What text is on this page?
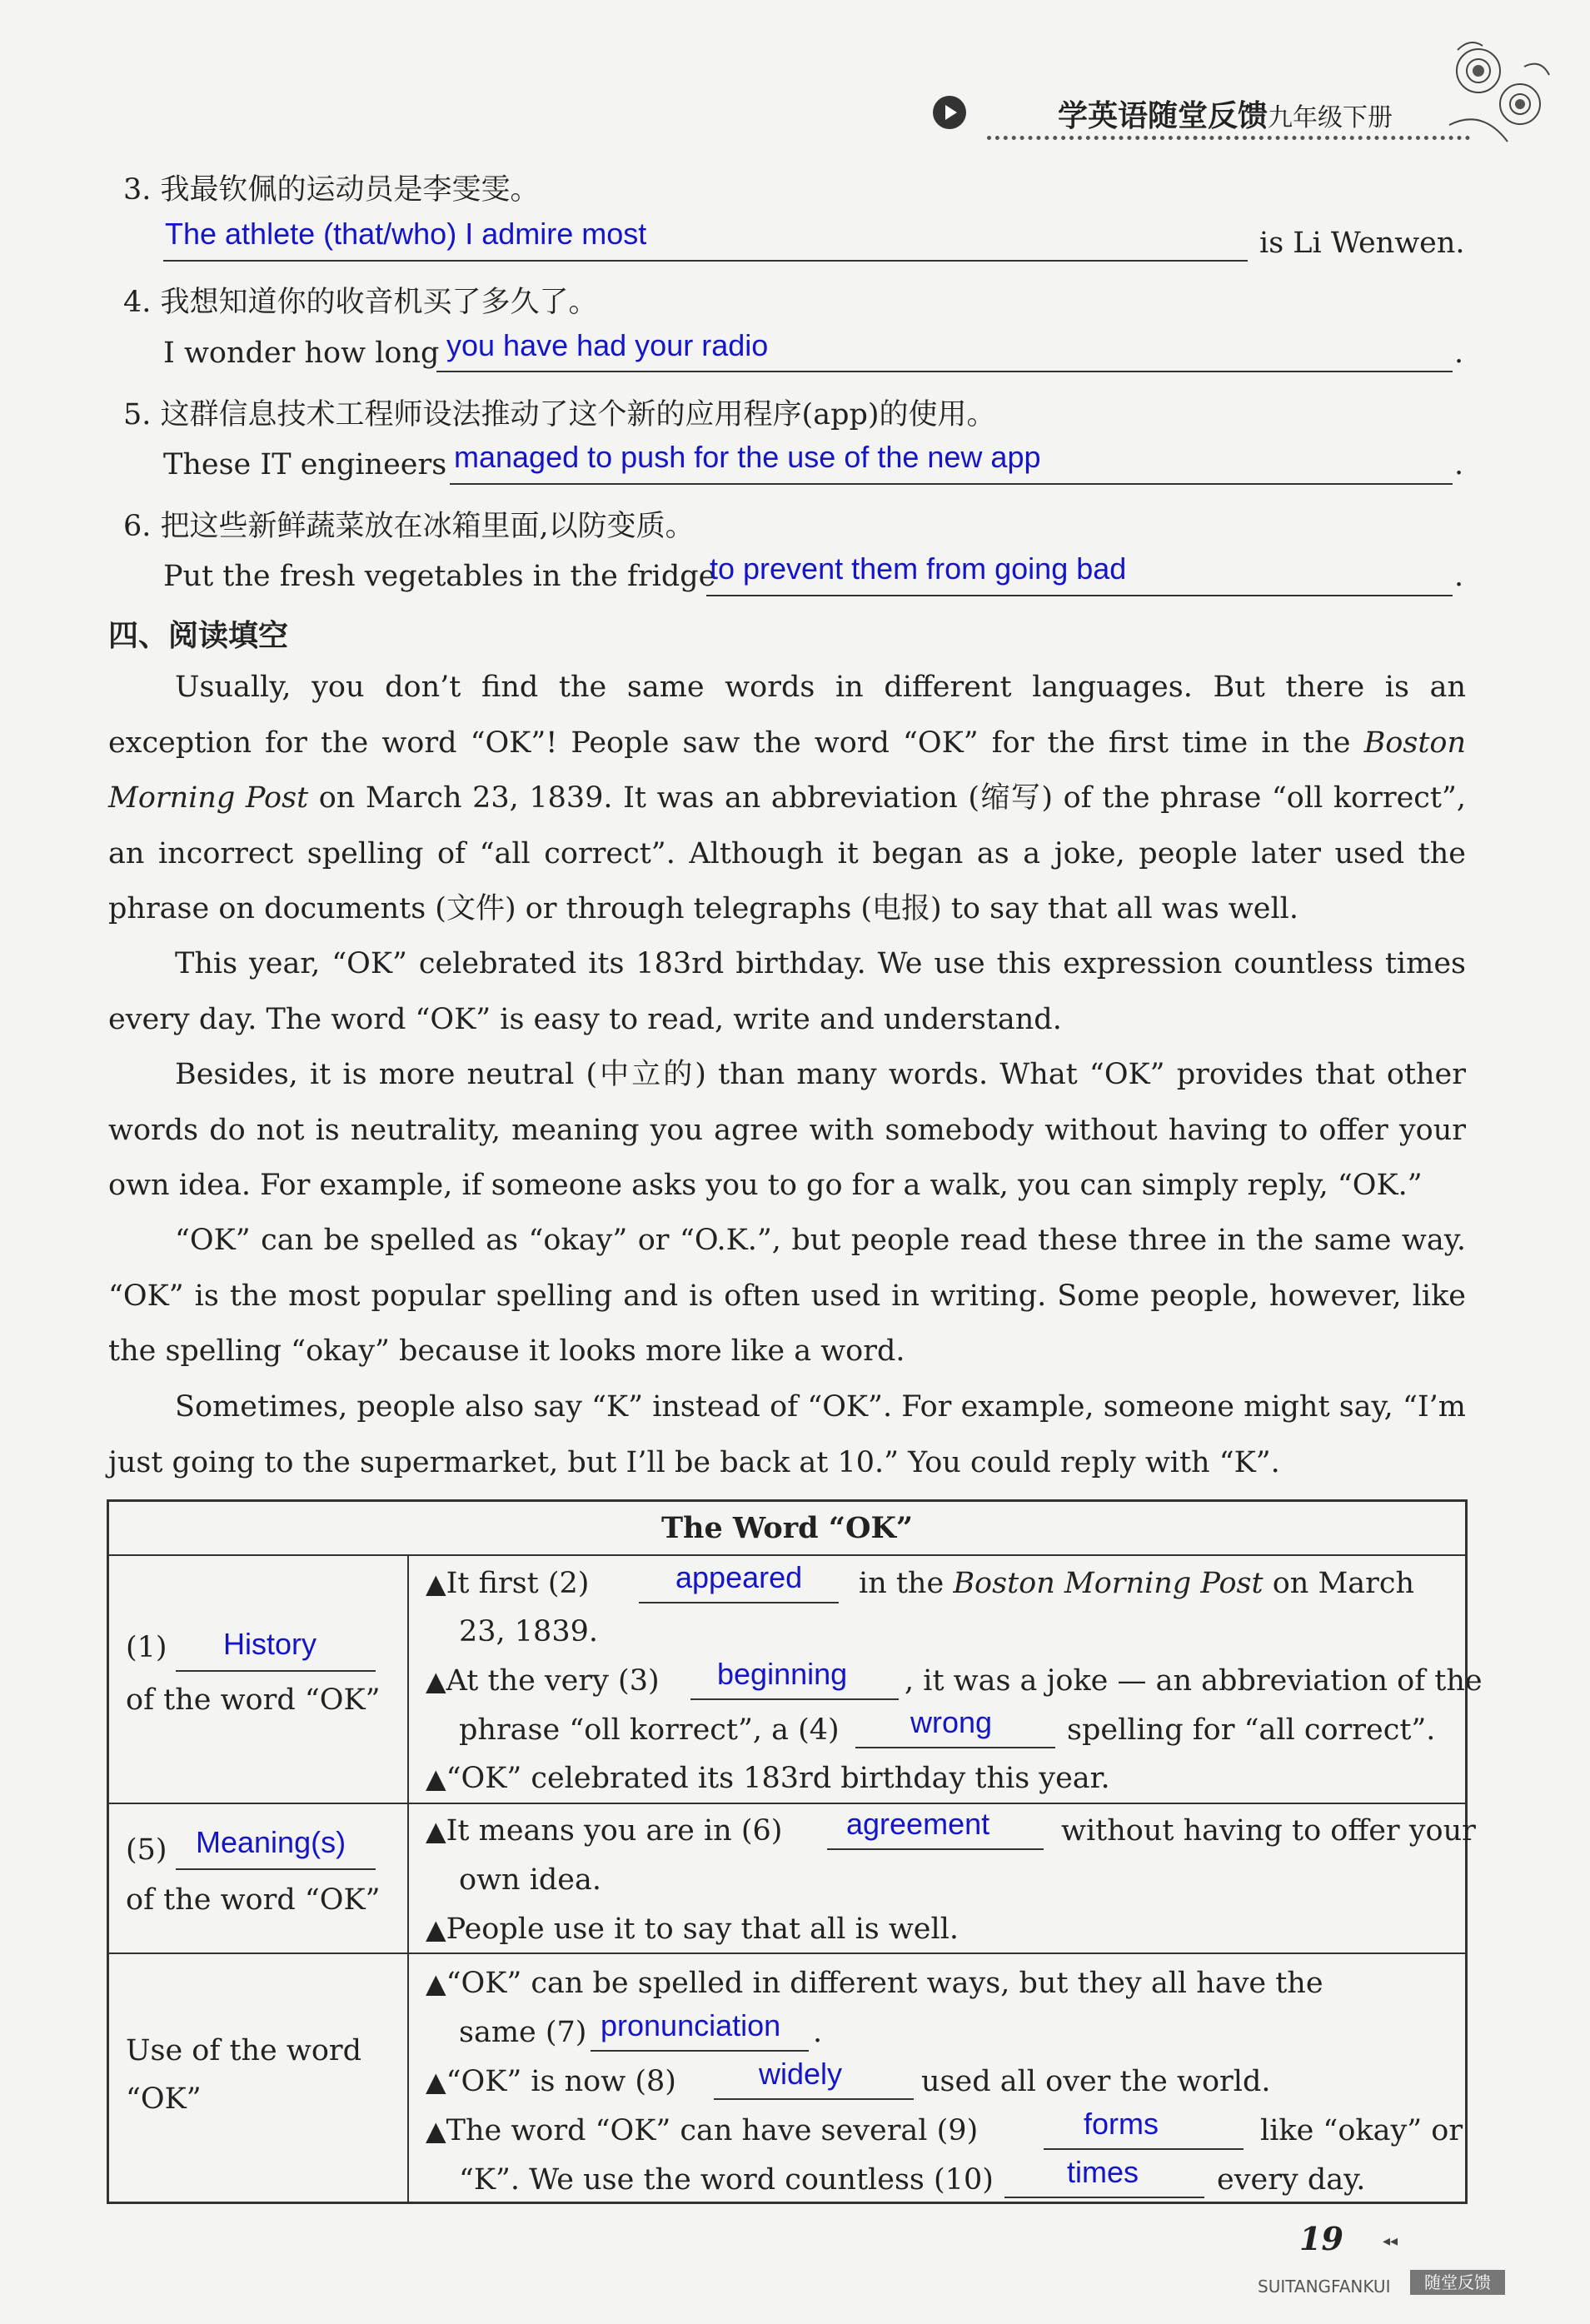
学英语随堂反馈九年级下册
3. 我最钦佩的运动员是李雯雯。
The athlete (that/who) I admire most	is Li Wenwen.
4. 我想知道你的收音机买了多久了。
I wonder how long you have had your radio	.
5. 这群信息技术工程师设法推动了这个新的应用程序(app)的使用。
These IT engineers managed to push for the use of the new app	.
6. 把这些新鲜蔬菜放在冰箱里面,以防变质。
Put the fresh vegetables in the fridge
to prevent them from going bad	.
四、阅读填空
Usually, you don’t find the same words in different languages. But there is an exception for the word “OK”! People saw the word “OK” for the first time in the Boston Morning Post on March 23, 1839. It was an abbreviation (缩写) of the phrase “oll korrect”, an incorrect spelling of “all correct”. Although it began as a joke, people later used the phrase on documents (文件) or through telegraphs (电报) to say that all was well.
This year, “OK” celebrated its 183rd birthday. We use this expression countless times every day. The word “OK” is easy to read, write and understand.
Besides, it is more neutral (中立的) than many words. What “OK” provides that other words do not is neutrality, meaning you agree with somebody without having to offer your own idea. For example, if someone asks you to go for a walk, you can simply reply, “OK.”
“OK” can be spelled as “okay” or “O.K.”, but people read these three in the same way. “OK” is the most popular spelling and is often used in writing. Some people, however, like the spelling “okay” because it looks more like a word.
Sometimes, people also say “K” instead of “OK”. For example, someone might say, “I’m just going to the supermarket, but I’ll be back at 10.” You could reply with “K”.
The Word “OK”
(1) History
of the word “OK”
▲It first (2)	appeared in the Boston Morning Post on March
23, 1839.
▲At the very (3) beginning , it was a joke — an abbreviation of the
phrase “oll korrect”, a (4) wrong	spelling for “all correct”.
▲“OK” celebrated its 183rd birthday this year.
(5) Meaning(s)
of the word “OK”
▲It means you are in (6) agreement without having to offer your
own idea.
▲People use it to say that all is well.
Use of the word “OK”
▲“OK” can be spelled in different ways, but they all have the
same (7) pronunciation .
▲“OK” is now (8)	widely	used all over the world.
▲The word “OK” can have several (9)	forms	like “okay” or
“K”. We use the word countless (10) times	every day.
19	◂◂
SUITANGFANKUI	随堂反馈
